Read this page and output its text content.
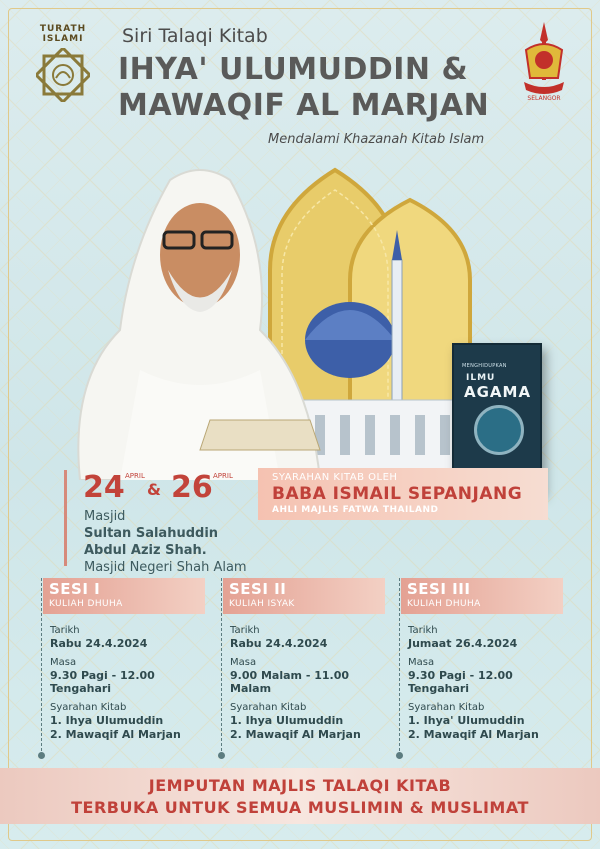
TURATH
ISLAMI
SELANGOR
Siri Talaqi Kitab
IHYA' ULUMUDDIN &
MAWAQIF AL MARJAN
Mendalami Khazanah Kitab Islam
MENGHIDUPKAN
ILMU
AGAMA
24 APRIL
& 26 APRIL
Masjid
Sultan Salahuddin
Abdul Aziz Shah.
Masjid Negeri Shah Alam
SYARAHAN KITAB OLEH
BABA ISMAIL SEPANJANG
AHLI MAJLIS FATWA THAILAND
SESI I
KULIAH DHUHA
Tarikh
Rabu 24.4.2024
Masa
9.30 Pagi - 12.00 Tengahari
Syarahan Kitab
1. Ihya Ulumuddin
2. Mawaqif Al Marjan
SESI II
KULIAH ISYAK
Tarikh
Rabu 24.4.2024
Masa
9.00 Malam - 11.00 Malam
Syarahan Kitab
1. Ihya Ulumuddin
2. Mawaqif Al Marjan
SESI III
KULIAH DHUHA
Tarikh
Jumaat 26.4.2024
Masa
9.30 Pagi - 12.00 Tengahari
Syarahan Kitab
1. Ihya' Ulumuddin
2. Mawaqif Al Marjan
JEMPUTAN MAJLIS TALAQI KITAB
TERBUKA UNTUK SEMUA MUSLIMIN & MUSLIMAT
